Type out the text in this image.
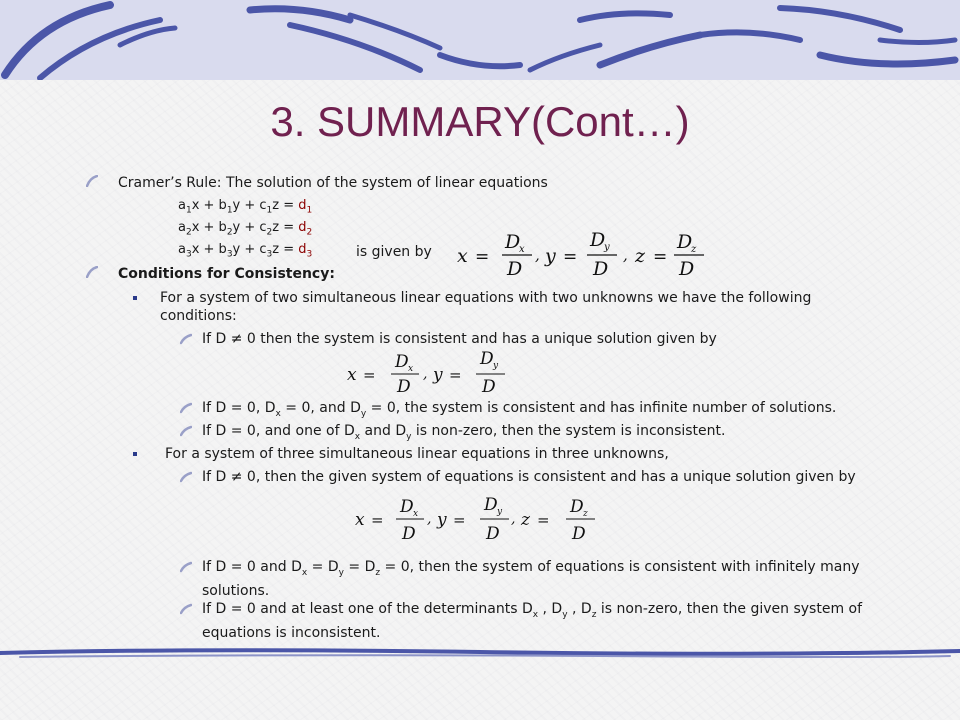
3. SUMMARY(Cont…)
Cramer’s Rule: The solution of the system of linear equations
$a_1x + b_1y + c_1z = d_1$
$a_2x + b_2y + c_2z = d_2$
$a_3x + b_3y + c_3z = d_3$	is given by x =
D
x
D
, y =
D
y
D
, z =
D
z
D
Conditions for Consistency:
For a system of two simultaneous linear equations with two unknowns we have the following conditions:
If D ≠ 0 then the system is consistent and has a unique solution given by
x =
D x
D
, y =
D y
D
If D = 0, $D_x = 0$, and $D_y = 0$, the system is consistent and has infinite number of solutions.
If D = 0, and one of $D_x$ and $D_y$ is non-zero, then the system is inconsistent.
For a system of three simultaneous linear equations in three unknowns,
If D ≠ 0, then the given system of equations is consistent and has a unique solution given by
x =
D x
D
, y =
D y
D
, z =
D z
D
If D = 0 and $D_x = D_y = D_z = 0$, then the system of equations is consistent with infinitely many solutions.
If D = 0 and at least one of the determinants $D_x$ , $D_y$ , $D_z$ is non-zero, then the given system of equations is inconsistent.
